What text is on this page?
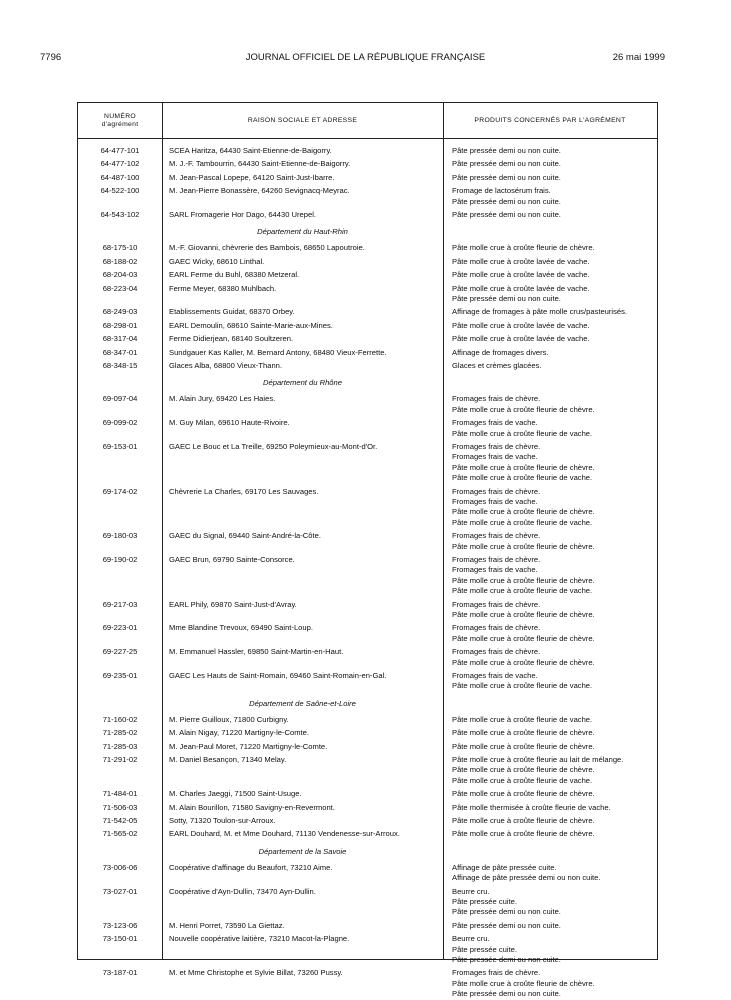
7796	JOURNAL OFFICIEL DE LA RÉPUBLIQUE FRANÇAISE	26 mai 1999
NUMÉRO
d'agrément
RAISON SOCIALE ET ADRESSE	PRODUITS CONCERNÉS PAR L'AGRÉMENT
64-477-101	SCEA Haritza, 64430 Saint-Etienne-de-Baigorry.	Pâte pressée demi ou non cuite.
64-477-102	M. J.-F. Tambourrin, 64430 Saint-Etienne-de-Baigorry.	Pâte pressée demi ou non cuite.
64-487-100	M. Jean-Pascal Lopepe, 64120 Saint-Just-Ibarre.	Pâte pressée demi ou non cuite.
64-522-100	M. Jean-Pierre Bonassère, 64260 Sevignacq-Meyrac.	Fromage de lactosérum frais.
Pâte pressée demi ou non cuite.
64-543-102	SARL Fromagerie Hor Dago, 64430 Urepel.	Pâte pressée demi ou non cuite.
Département du Haut-Rhin
68-175-10	M.-F. Giovanni, chèvrerie des Bambois, 68650 Lapoutroie.	Pâte molle crue à croûte fleurie de chèvre.
68-188-02	GAEC Wicky, 68610 Linthal.	Pâte molle crue à croûte lavée de vache.
68-204-03	EARL Ferme du Buhl, 68380 Metzeral.	Pâte molle crue à croûte lavée de vache.
68-223-04	Ferme Meyer, 68380 Muhlbach.	Pâte molle crue à croûte lavée de vache.
Pâte pressée demi ou non cuite.
68-249-03	Etablissements Guidat, 68370 Orbey.	Affinage de fromages à pâte molle crus/pasteurisés.
68-298-01	EARL Demoulin, 68610 Sainte-Marie-aux-Mines.	Pâte molle crue à croûte lavée de vache.
68-317-04	Ferme Didierjean, 68140 Soultzeren.	Pâte molle crue à croûte lavée de vache.
68-347-01	Sundgauer Kas Kaller, M. Bernard Antony, 68480 Vieux-Ferrette.	Affinage de fromages divers.
68-348-15	Glaces Alba, 68800 Vieux-Thann.	Glaces et crèmes glacées.
Département du Rhône
69-097-04	M. Alain Jury, 69420 Les Haies.	Fromages frais de chèvre.
Pâte molle crue à croûte fleurie de chèvre.
69-099-02	M. Guy Milan, 69610 Haute-Rivoire.	Fromages frais de vache.
Pâte molle crue à croûte fleurie de vache.
69-153-01	GAEC Le Bouc et La Treille, 69250 Poleymieux-au-Mont-d'Or.	Fromages frais de chèvre.
Fromages frais de vache.
Pâte molle crue à croûte fleurie de chèvre.
Pâte molle crue à croûte fleurie de vache.
69-174-02	Chèvrerie La Charles, 69170 Les Sauvages.	Fromages frais de chèvre.
Fromages frais de vache.
Pâte molle crue à croûte fleurie de chèvre.
Pâte molle crue à croûte fleurie de vache.
69-180-03	GAEC du Signal, 69440 Saint-André-la-Côte.	Fromages frais de chèvre.
Pâte molle crue à croûte fleurie de chèvre.
69-190-02	GAEC Brun, 69790 Sainte-Consorce.	Fromages frais de chèvre.
Fromages frais de vache.
Pâte molle crue à croûte fleurie de chèvre.
Pâte molle crue à croûte fleurie de vache.
69-217-03	EARL Phily, 69870 Saint-Just-d'Avray.	Fromages frais de chèvre.
Pâte molle crue à croûte fleurie de chèvre.
69-223-01	Mme Blandine Trevoux, 69490 Saint-Loup.	Fromages frais de chèvre.
Pâte molle crue à croûte fleurie de chèvre.
69-227-25	M. Emmanuel Hassler, 69850 Saint-Martin-en-Haut.	Fromages frais de chèvre.
Pâte molle crue à croûte fleurie de chèvre.
69-235-01	GAEC Les Hauts de Saint-Romain, 69460 Saint-Romain-en-Gal.	Fromages frais de vache.
Pâte molle crue à croûte fleurie de vache.
Département de Saône-et-Loire
71-160-02	M. Pierre Guilloux, 71800 Curbigny.	Pâte molle crue à croûte fleurie de vache.
71-285-02	M. Alain Nigay, 71220 Martigny-le-Comte.	Pâte molle crue à croûte fleurie de chèvre.
71-285-03	M. Jean-Paul Moret, 71220 Martigny-le-Comte.	Pâte molle crue à croûte fleurie de chèvre.
71-291-02	M. Daniel Besançon, 71340 Melay.	Pâte molle crue à croûte fleurie au lait de mélange.
Pâte molle crue à croûte fleurie de chèvre.
Pâte molle crue à croûte fleurie de vache.
71-484-01	M. Charles Jaeggi, 71500 Saint-Usuge.	Pâte molle crue à croûte fleurie de chèvre.
71-506-03	M. Alain Bourillon, 71580 Savigny-en-Revermont.	Pâte molle thermisée à croûte fleurie de vache.
71-542-05	Sotty, 71320 Toulon-sur-Arroux.	Pâte molle crue à croûte fleurie de chèvre.
71-565-02	EARL Douhard, M. et Mme Douhard, 71130 Vendenesse-sur-Arroux.	Pâte molle crue à croûte fleurie de chèvre.
Département de la Savoie
73-006-06	Coopérative d'affinage du Beaufort, 73210 Aime.	Affinage de pâte pressée cuite.
Affinage de pâte pressée demi ou non cuite.
73-027-01	Coopérative d'Ayn-Dullin, 73470 Ayn-Dullin.	Beurre cru.
Pâte pressée cuite.
Pâte pressée demi ou non cuite.
73-123-06	M. Henri Porret, 73590 La Giettaz.	Pâte pressée demi ou non cuite.
73-150-01	Nouvelle coopérative laitière, 73210 Macot-la-Plagne.	Beurre cru.
Pâte pressée cuite.
Pâte pressée demi ou non cuite.
73-187-01	M. et Mme Christophe et Sylvie Billat, 73260 Pussy.	Fromages frais de chèvre.
Pâte molle crue à croûte fleurie de chèvre.
Pâte pressée demi ou non cuite.
